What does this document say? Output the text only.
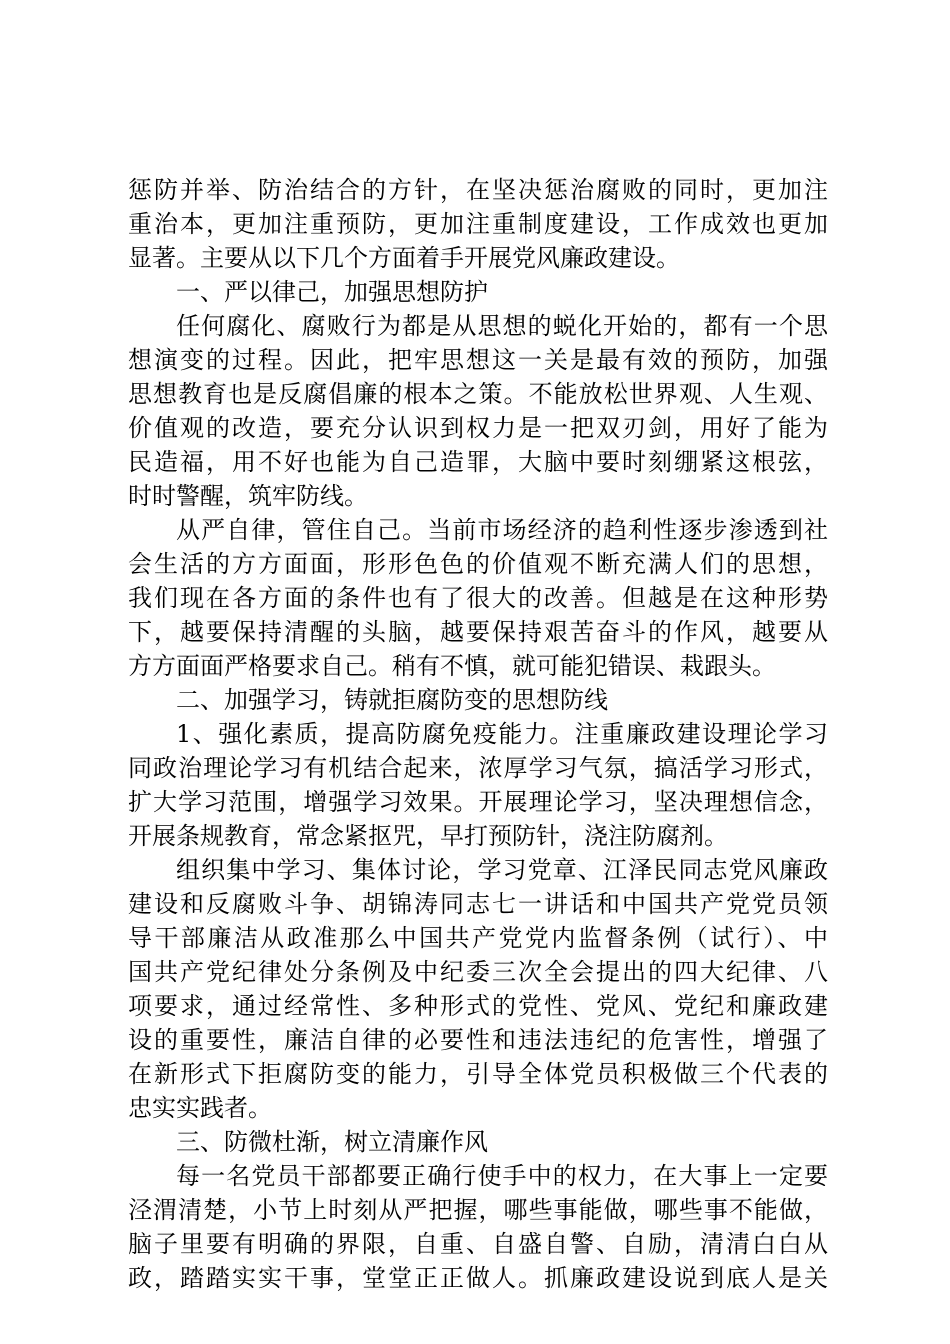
惩防并举、防治结合的方针，在坚决惩治腐败的同时，更加注
重治本，更加注重预防，更加注重制度建设，工作成效也更加
显著。主要从以下几个方面着手开展党风廉政建设。
一、严以律己，加强思想防护
任何腐化、腐败行为都是从思想的蜕化开始的，都有一个思
想演变的过程。因此，把牢思想这一关是最有效的预防，加强
思想教育也是反腐倡廉的根本之策。不能放松世界观、人生观、
价值观的改造，要充分认识到权力是一把双刃剑，用好了能为
民造福，用不好也能为自己造罪，大脑中要时刻绷紧这根弦，
时时警醒，筑牢防线。
从严自律，管住自己。当前市场经济的趋利性逐步渗透到社
会生活的方方面面，形形色色的价值观不断充满人们的思想，
我们现在各方面的条件也有了很大的改善。但越是在这种形势
下，越要保持清醒的头脑，越要保持艰苦奋斗的作风，越要从
方方面面严格要求自己。稍有不慎，就可能犯错误、栽跟头。
二、加强学习，铸就拒腐防变的思想防线
1、强化素质，提高防腐免疫能力。注重廉政建设理论学习
同政治理论学习有机结合起来，浓厚学习气氛，搞活学习形式，
扩大学习范围，增强学习效果。开展理论学习，坚决理想信念，
开展条规教育，常念紧抠咒，早打预防针，浇注防腐剂。
组织集中学习、集体讨论，学习党章、江泽民同志党风廉政
建设和反腐败斗争、胡锦涛同志七一讲话和中国共产党党员领
导干部廉洁从政准那么中国共产党党内监督条例（试行）、中
国共产党纪律处分条例及中纪委三次全会提出的四大纪律、八
项要求，通过经常性、多种形式的党性、党风、党纪和廉政建
设的重要性，廉洁自律的必要性和违法违纪的危害性，增强了
在新形式下拒腐防变的能力，引导全体党员积极做三个代表的
忠实实践者。
三、防微杜渐，树立清廉作风
每一名党员干部都要正确行使手中的权力，在大事上一定要
泾渭清楚，小节上时刻从严把握，哪些事能做，哪些事不能做，
脑子里要有明确的界限，自重、自盛自警、自励，清清白白从
政，踏踏实实干事，堂堂正正做人。抓廉政建设说到底人是关
